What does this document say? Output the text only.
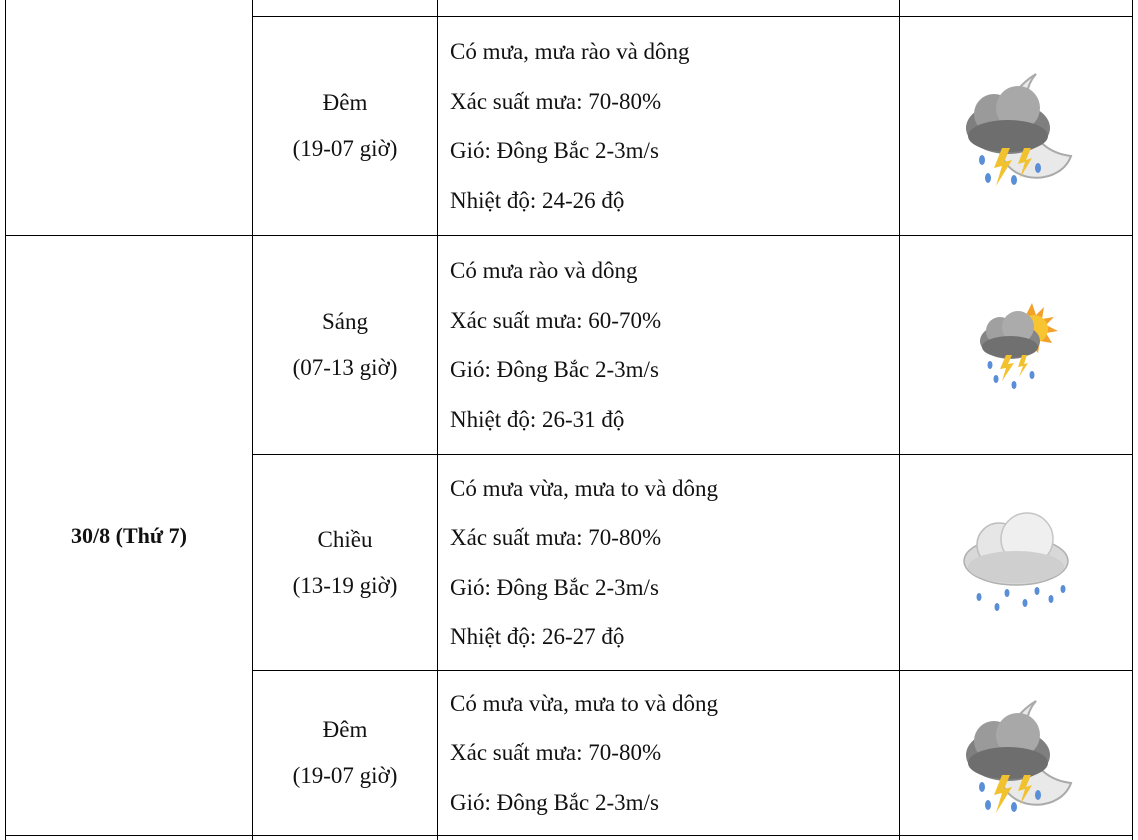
30/8 (Thứ 7)
Đêm
(19-07 giờ)
Có mưa, mưa rào và dông
Xác suất mưa: 70-80%
Gió: Đông Bắc 2-3m/s
Nhiệt độ: 24-26 độ
Sáng
(07-13 giờ)
Có mưa rào và dông
Xác suất mưa: 60-70%
Gió: Đông Bắc 2-3m/s
Nhiệt độ: 26-31 độ
Chiều
(13-19 giờ)
Có mưa vừa, mưa to và dông
Xác suất mưa: 70-80%
Gió: Đông Bắc 2-3m/s
Nhiệt độ: 26-27 độ
Đêm
(19-07 giờ)
Có mưa vừa, mưa to và dông
Xác suất mưa: 70-80%
Gió: Đông Bắc 2-3m/s
